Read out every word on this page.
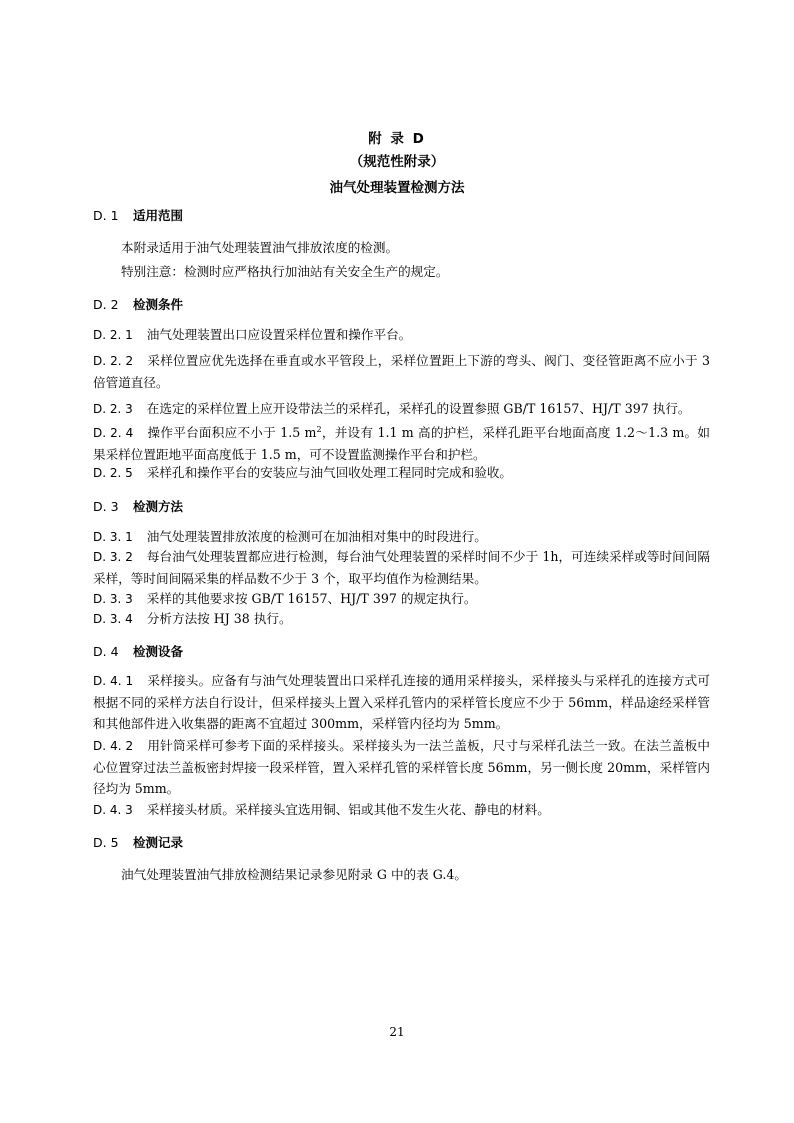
附 录 D
（规范性附录）
油气处理装置检测方法
D. 1 适用范围
本附录适用于油气处理装置油气排放浓度的检测。
特别注意：检测时应严格执行加油站有关安全生产的规定。
D. 2 检测条件
D. 2. 1 油气处理装置出口应设置采样位置和操作平台。
D. 2. 2 采样位置应优先选择在垂直或水平管段上，采样位置距上下游的弯头、阀门、变径管距离不应小于 3 倍管道直径。
D. 2. 3 在选定的采样位置上应开设带法兰的采样孔，采样孔的设置参照 GB/T 16157、HJ/T 397 执行。
D. 2. 4 操作平台面积应不小于 1.5 $m^2$，并设有 1.1 m 高的护栏，采样孔距平台地面高度 1.2～1.3 m。如果采样位置距地平面高度低于 1.5 m，可不设置监测操作平台和护栏。
D. 2. 5 采样孔和操作平台的安装应与油气回收处理工程同时完成和验收。
D. 3 检测方法
D. 3. 1 油气处理装置排放浓度的检测可在加油相对集中的时段进行。
D. 3. 2 每台油气处理装置都应进行检测，每台油气处理装置的采样时间不少于 1h，可连续采样或等时间间隔采样，等时间间隔采集的样品数不少于 3 个，取平均值作为检测结果。
D. 3. 3 采样的其他要求按 GB/T 16157、HJ/T 397 的规定执行。
D. 3. 4 分析方法按 HJ 38 执行。
D. 4 检测设备
D. 4. 1 采样接头。应备有与油气处理装置出口采样孔连接的通用采样接头，采样接头与采样孔的连接方式可根据不同的采样方法自行设计，但采样接头上置入采样孔管内的采样管长度应不少于 56mm，样品途经采样管和其他部件进入收集器的距离不宜超过 300mm，采样管内径均为 5mm。
D. 4. 2 用针筒采样可参考下面的采样接头。采样接头为一法兰盖板，尺寸与采样孔法兰一致。在法兰盖板中心位置穿过法兰盖板密封焊接一段采样管，置入采样孔管的采样管长度 56mm，另一侧长度 20mm，采样管内径均为 5mm。
D. 4. 3 采样接头材质。采样接头宜选用铜、铝或其他不发生火花、静电的材料。
D. 5 检测记录
油气处理装置油气排放检测结果记录参见附录 G 中的表 G.4。
21
